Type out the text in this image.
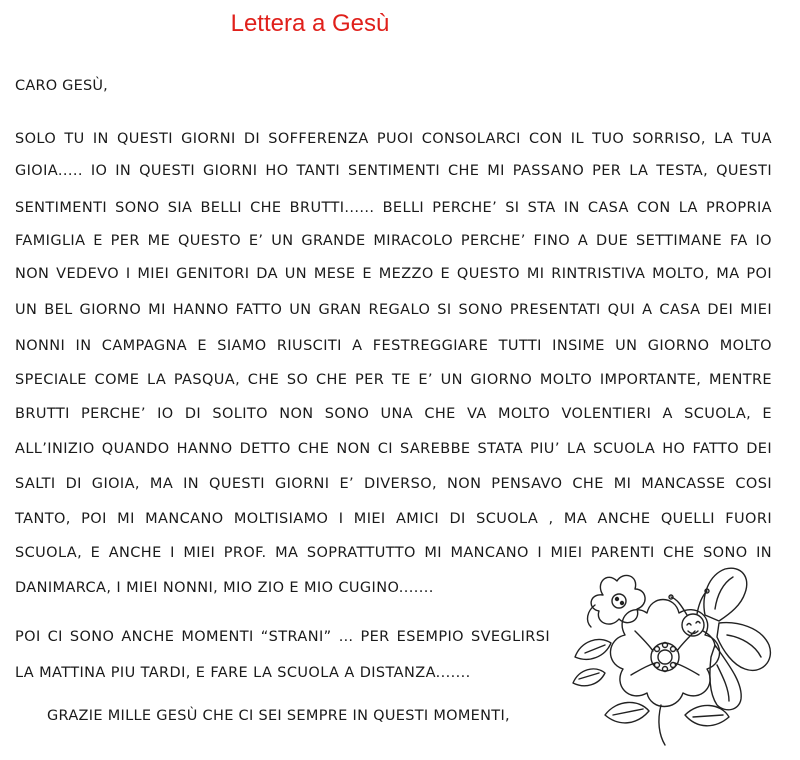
Lettera a Gesù
CARO GESÙ,
SOLO TU IN QUESTI GIORNI DI SOFFERENZA PUOI CONSOLARCI CON IL TUO SORRISO, LA TUA
GIOIA..... IO IN QUESTI GIORNI HO TANTI SENTIMENTI CHE MI PASSANO PER LA TESTA, QUESTI
SENTIMENTI SONO SIA BELLI CHE BRUTTI...... BELLI PERCHE’ SI STA IN CASA CON LA PROPRIA
FAMIGLIA E PER ME QUESTO E’ UN GRANDE MIRACOLO PERCHE’ FINO A DUE SETTIMANE FA IO
NON VEDEVO I MIEI GENITORI DA UN MESE E MEZZO E QUESTO MI RINTRISTIVA MOLTO, MA POI
UN BEL GIORNO MI HANNO FATTO UN GRAN REGALO SI SONO PRESENTATI QUI A CASA DEI MIEI
NONNI IN CAMPAGNA E SIAMO RIUSCITI A FESTREGGIARE TUTTI INSIME UN GIORNO MOLTO
SPECIALE COME LA PASQUA, CHE SO CHE PER TE E’ UN GIORNO MOLTO IMPORTANTE, MENTRE
BRUTTI PERCHE’ IO DI SOLITO NON SONO UNA CHE VA MOLTO VOLENTIERI A SCUOLA, E
ALL’INIZIO QUANDO HANNO DETTO CHE NON CI SAREBBE STATA PIU’ LA SCUOLA HO FATTO DEI
SALTI DI GIOIA, MA IN QUESTI GIORNI E’ DIVERSO, NON PENSAVO CHE MI MANCASSE COSI
TANTO, POI MI MANCANO MOLTISIAMO I MIEI AMICI DI SCUOLA , MA ANCHE QUELLI FUORI
SCUOLA, E ANCHE I MIEI PROF. MA SOPRATTUTTO MI MANCANO I MIEI PARENTI CHE SONO IN
DANIMARCA, I MIEI NONNI, MIO ZIO E MIO CUGINO.......
POI CI SONO ANCHE MOMENTI “STRANI” … PER ESEMPIO SVEGLIRSI
LA MATTINA PIU TARDI, E FARE LA SCUOLA A DISTANZA.......
GRAZIE MILLE GESÙ CHE CI SEI SEMPRE IN QUESTI MOMENTI,
